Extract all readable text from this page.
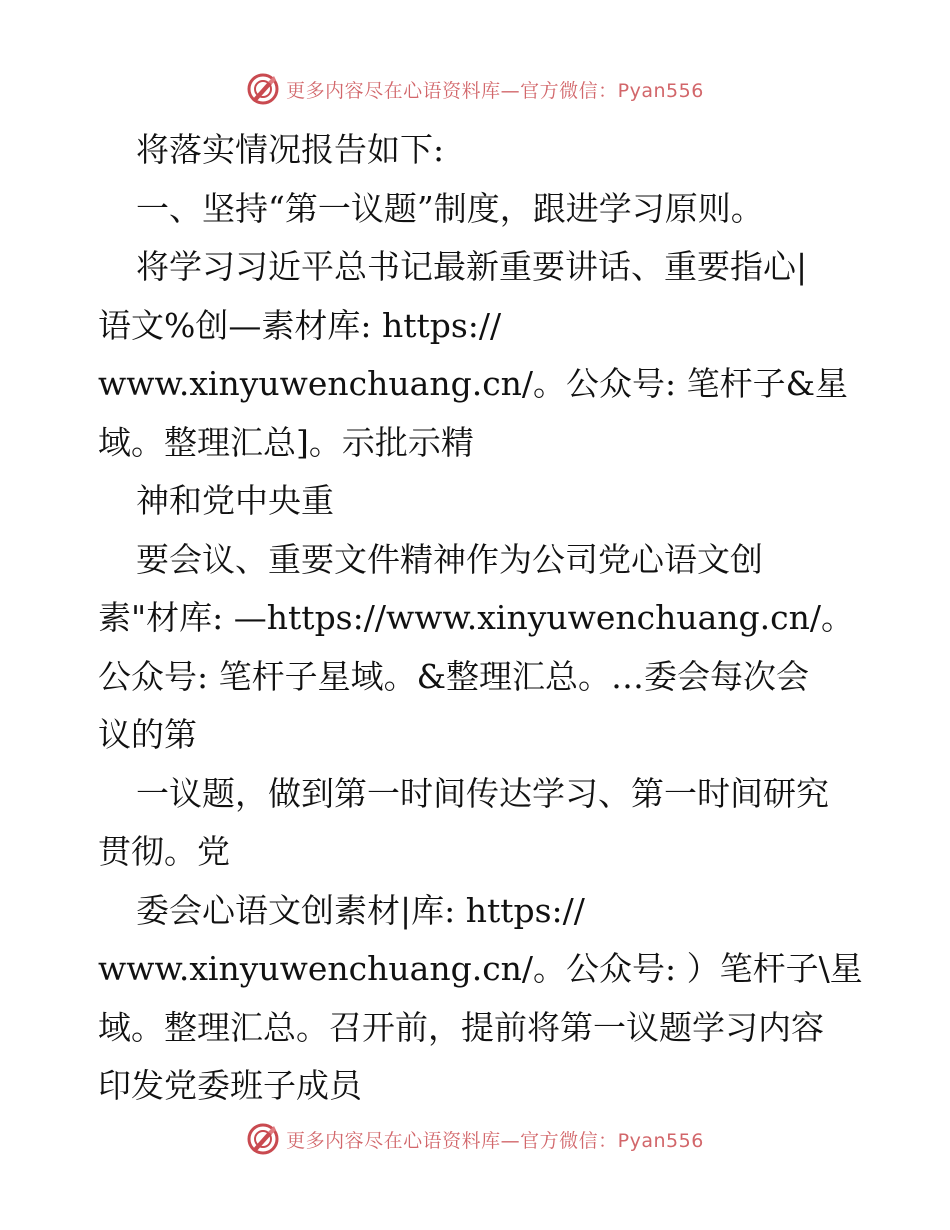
更多内容尽在心语资料库—官方微信：Pyan556
将落实情况报告如下:
一、坚持“第一议题”制度，跟进学习原则。
将学习习近平总书记最新重要讲话、重要指心|
语文%创—素材库: https://
www.xinyuwenchuang.cn/。公众号: 笔杆子&星
域。整理汇总]。示批示精
神和党中央重
要会议、重要文件精神作为公司党心语文创
素"材库: —https://www.xinyuwenchuang.cn/。
公众号: 笔杆子星域。&整理汇总。…委会每次会
议的第
一议题，做到第一时间传达学习、第一时间研究
贯彻。党
委会心语文创素材|库: https://
www.xinyuwenchuang.cn/。公众号: ）笔杆子\星
域。整理汇总。召开前，提前将第一议题学习内容
印发党委班子成员
更多内容尽在心语资料库—官方微信：Pyan556
